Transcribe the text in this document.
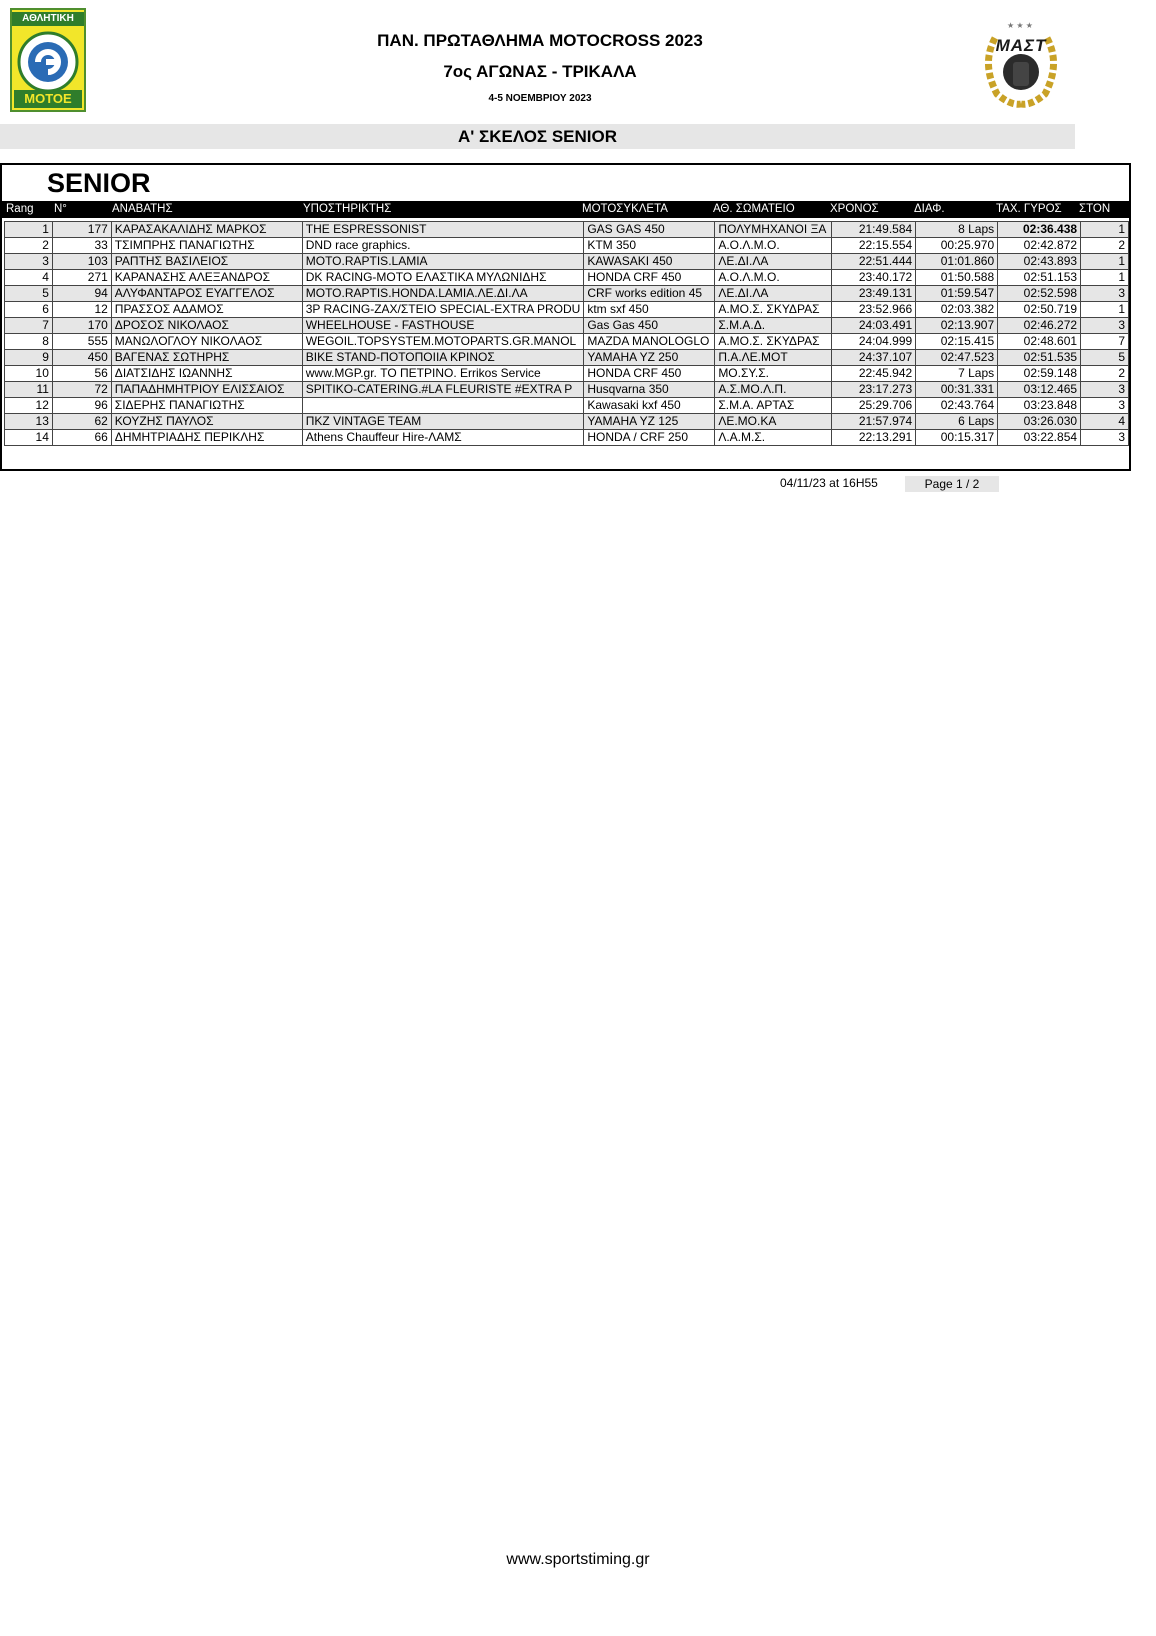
ΑΘΛΗΤΙΚΗ
ΜΟΤΟΕ
★ ★ ★
ΜΑΣΤ
ΠΑΝ. ΠΡΩΤΑΘΛΗΜΑ MOTOCROSS 2023
7ος ΑΓΩΝΑΣ - ΤΡΙΚΑΛΑ
4-5 ΝΟΕΜΒΡΙΟΥ 2023
Α' ΣΚΕΛΟΣ SENIOR
SENIOR
Rang N°	ΑΝΑΒΑΤΗΣ	ΥΠΟΣΤΗΡΙΚΤΗΣ	ΜΟΤΟΣΥΚΛΕΤΑ	ΑΘ. ΣΩΜΑΤΕΙΟ	ΧΡΟΝΟΣ	ΔΙΑΦ.	ΤΑΧ. ΓΥΡΟΣ ΣΤΟΝ
1	177	ΚΑΡΑΣΑΚΑΛΙΔΗΣ ΜΑΡΚΟΣ	THE ESPRESSONIST	GAS GAS 450	ΠΟΛΥΜΗΧΑΝΟΙ ΞΑ	21:49.584	8 Laps	02:36.438	1
2	33	ΤΣΙΜΠΡΗΣ ΠΑΝΑΓΙΩΤΗΣ	DND race graphics.	KTM 350	Α.Ο.Λ.Μ.Ο.	22:15.554	00:25.970	02:42.872	2
3	103	ΡΑΠΤΗΣ ΒΑΣΙΛΕΙΟΣ	MOTO.RAPTIS.LAMIA	KAWASAKI 450	ΛΕ.ΔΙ.ΛΑ	22:51.444	01:01.860	02:43.893	1
4	271	ΚΑΡΑΝΑΣΗΣ ΑΛΕΞΑΝΔΡΟΣ	DK RACING-ΜΟΤΟ ΕΛΑΣΤΙΚΑ ΜΥΛΩΝΙΔΗΣ	HONDA CRF 450	Α.Ο.Λ.Μ.Ο.	23:40.172	01:50.588	02:51.153	1
5	94	ΑΛΥΦΑΝΤΑΡΟΣ ΕΥΑΓΓΕΛΟΣ	MOTO.RAPTIS.HONDA.LAMIA.ΛΕ.ΔΙ.ΛΑ	CRF works edition 45	ΛΕ.ΔΙ.ΛΑ	23:49.131	01:59.547	02:52.598	3
6	12	ΠΡΑΣΣΟΣ ΑΔΑΜΟΣ	3P RACING-ZAX/ΣΤΕΙΟ SPECIAL-EXTRA PRODU	ktm sxf 450	Α.ΜΟ.Σ. ΣΚΥΔΡΑΣ	23:52.966	02:03.382	02:50.719	1
7	170	ΔΡΟΣΟΣ ΝΙΚΟΛΑΟΣ	WHEELHOUSE - FASTHOUSE	Gas Gas 450	Σ.Μ.Α.Δ.	24:03.491	02:13.907	02:46.272	3
8	555	ΜΑΝΩΛΟΓΛΟΥ ΝΙΚΟΛΑΟΣ	WEGOIL.TOPSYSTEM.MOTOPARTS.GR.MANOL	MAZDA MANOLOGLO	Α.ΜΟ.Σ. ΣΚΥΔΡΑΣ	24:04.999	02:15.415	02:48.601	7
9	450	ΒΑΓΕΝΑΣ ΣΩΤΗΡΗΣ	BIKE STAND-ΠΟΤΟΠΟΙΙΑ ΚΡΙΝΟΣ	YAMAHA YZ 250	Π.Α.ΛΕ.ΜΟΤ	24:37.107	02:47.523	02:51.535	5
10	56	ΔΙΑΤΣΙΔΗΣ ΙΩΑΝΝΗΣ	www.MGP.gr. ΤΟ ΠΕΤΡΙΝΟ. Errikos Service	HONDA CRF 450	ΜΟ.ΣΥ.Σ.	22:45.942	7 Laps	02:59.148	2
11	72	ΠΑΠΑΔΗΜΗΤΡΙΟΥ ΕΛΙΣΣΑΙΟΣ	SPITIKO-CATERING.#LA FLEURISTE #EXTRA P	Husqvarna 350	Α.Σ.ΜΟ.Λ.Π.	23:17.273	00:31.331	03:12.465	3
12	96	ΣΙΔΕΡΗΣ ΠΑΝΑΓΙΩΤΗΣ		Kawasaki kxf 450	Σ.Μ.Α. ΑΡΤΑΣ	25:29.706	02:43.764	03:23.848	3
13	62	ΚΟΥΖΗΣ ΠΑΥΛΟΣ	ΠΚΖ VINTAGE TEAM	YAMAHA YZ 125	ΛΕ.ΜΟ.ΚΑ	21:57.974	6 Laps	03:26.030	4
14	66	ΔΗΜΗΤΡΙΑΔΗΣ ΠΕΡΙΚΛΗΣ	Athens Chauffeur Hire-ΛΑΜΣ	HONDA / CRF 250	Λ.Α.Μ.Σ.	22:13.291	00:15.317	03:22.854	3
04/11/23 at 16H55	Page 1 / 2
www.sportstiming.gr
